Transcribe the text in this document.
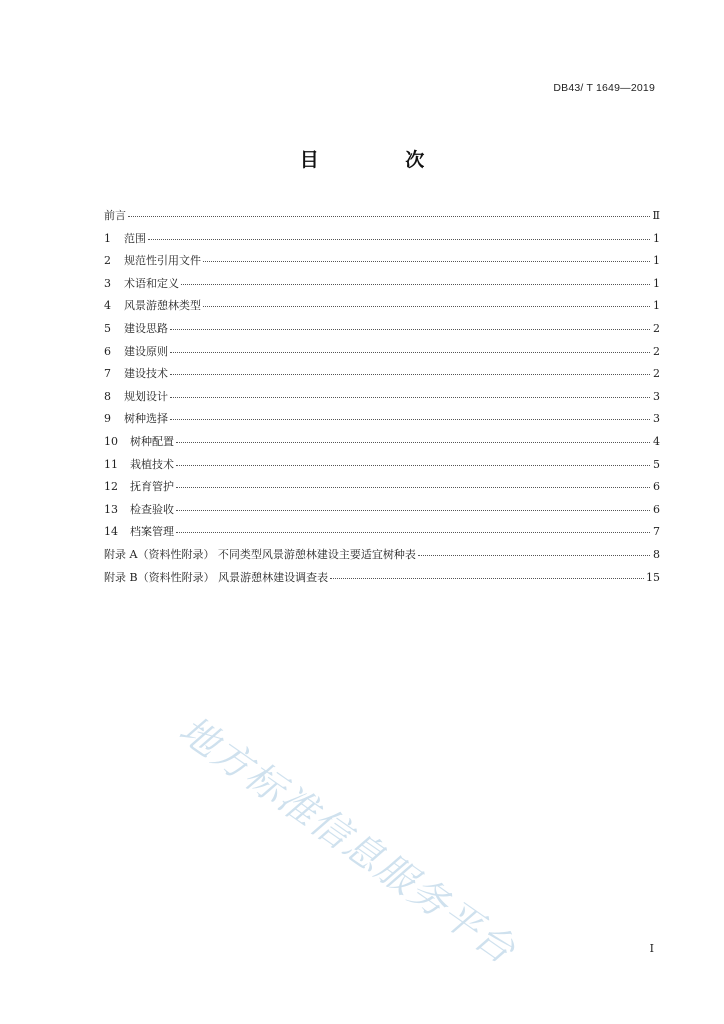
DB43/ T 1649—2019
目 次
前言	Ⅱ
1	范围	1
2	规范性引用文件	1
3	术语和定义	1
4	风景游憩林类型	1
5	建设思路	2
6	建设原则	2
7	建设技术	2
8	规划设计	3
9	树种选择	3
10	树种配置	4
11	栽植技术	5
12	抚育管护	6
13	检查验收	6
14	档案管理	7
附录 A（资料性附录） 不同类型风景游憩林建设主要适宜树种表	8
附录 B（资料性附录） 风景游憩林建设调查表	15
地方标准信息服务平台	I
